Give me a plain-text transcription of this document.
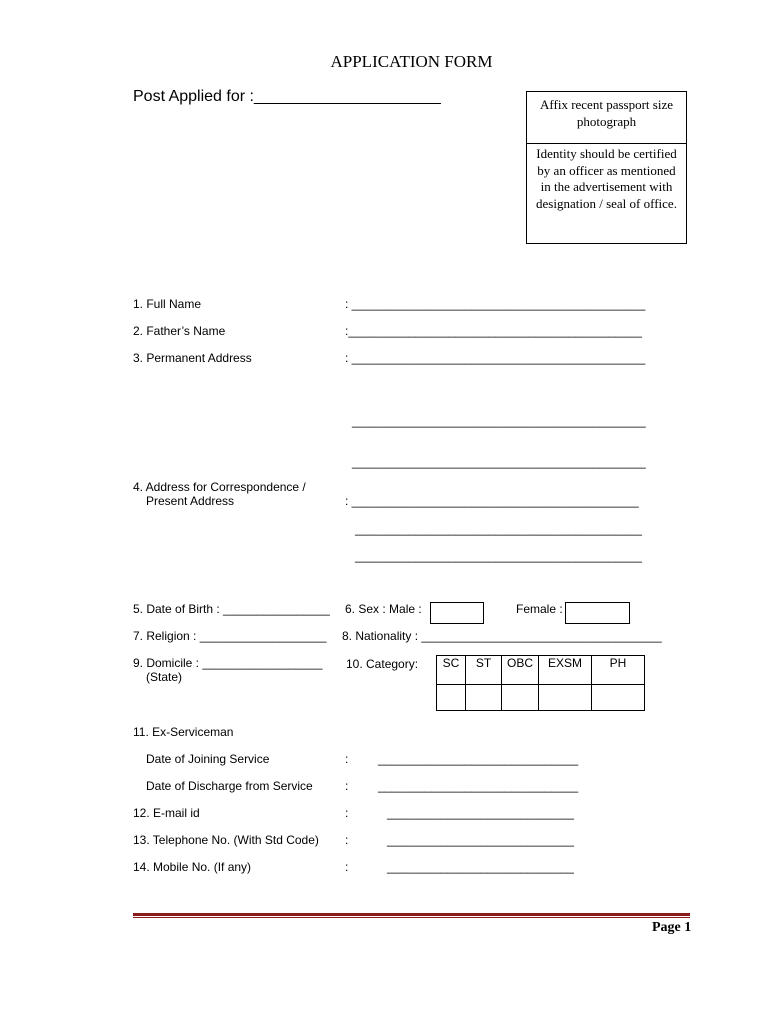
APPLICATION FORM
Post Applied for :_____________________	Affix recent passport size photograph
Identity should be certified by an officer as mentioned in the advertisement with designation / seal of office.
1. Full Name	: ____________________________________________
2. Father’s Name	:____________________________________________
3. Permanent Address	: ____________________________________________
____________________________________________
____________________________________________
4. Address for Correspondence /
Present Address	: ___________________________________________
___________________________________________
___________________________________________
5. Date of Birth : ________________ 6. Sex : Male :	Female :
7. Religion : ___________________ 8. Nationality : ____________________________________
9. Domicile : __________________
(State)
10. Category: SC	ST	OBC	EXSM	PH

11. Ex-Serviceman
Date of Joining Service	: ______________________________
Date of Discharge from Service	: ______________________________
12. E-mail id	:	____________________________
13. Telephone No. (With Std Code) :	____________________________
14. Mobile No. (If any)	:	____________________________
Page 1
